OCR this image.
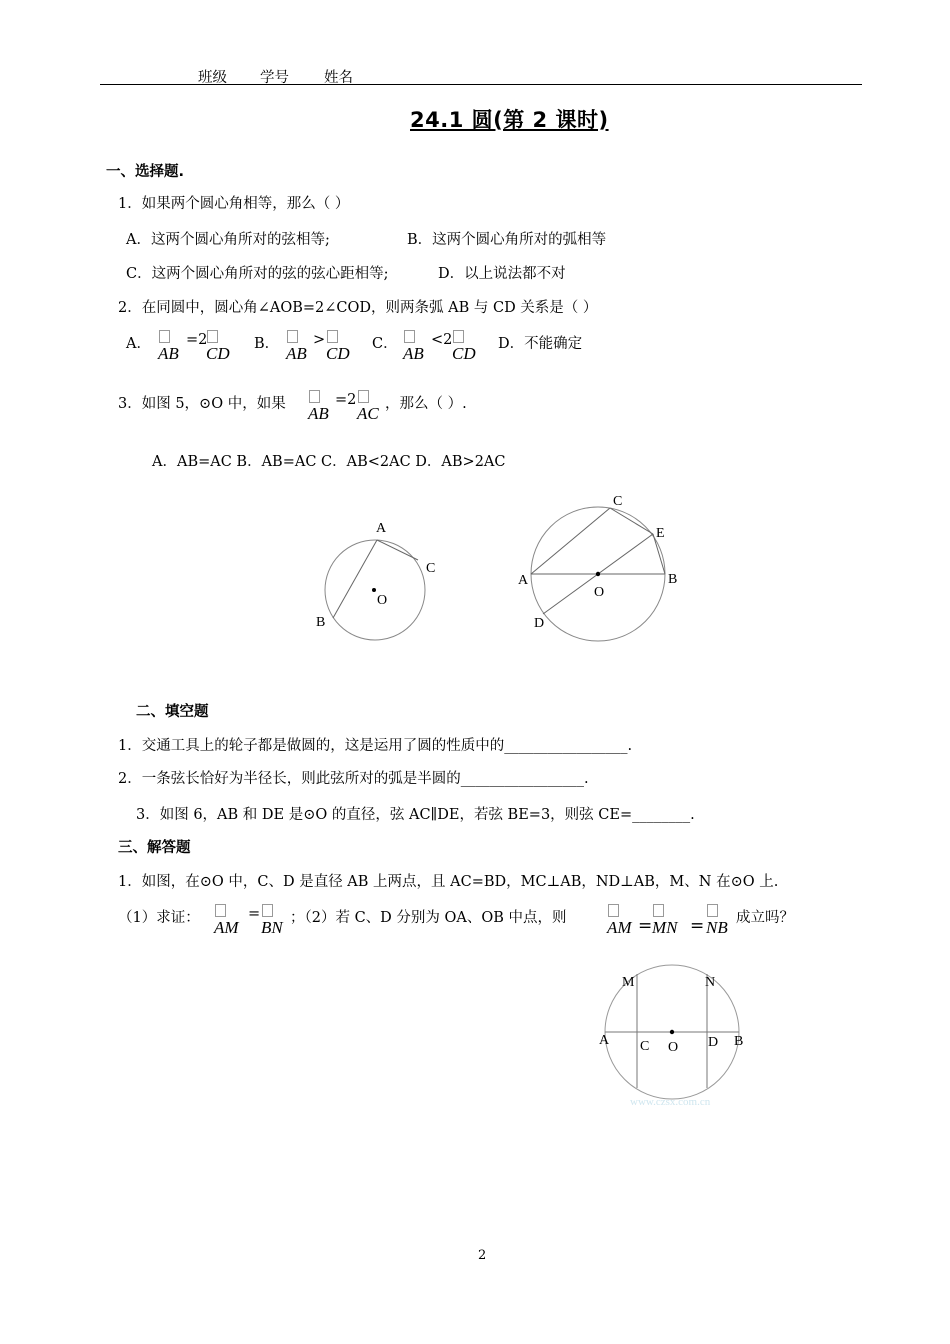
班级 学号 姓名
24.1 圆(第 2 课时)
一、选择题.
1．如果两个圆心角相等，那么（ ）
A．这两个圆心角所对的弦相等;	B．这两个圆心角所对的弧相等
C．这两个圆心角所对的弦的弦心距相等;	D．以上说法都不对
2．在同圆中，圆心角∠AOB=2∠COD，则两条弧 AB 与 CD 关系是（ ）
A． AB
=2
CD B． AB
>
CD C． AB
<2
CD D．不能确定
3．如图 5，⊙O 中，如果 AB
=2
AC ，那么（ ）.
A．AB=AC B．AB=AC C．AB<2AC D．AB>2AC
A
C
B
O
C
E
A	B
O
D
二、填空题
1．交通工具上的轮子都是做圆的，这是运用了圆的性质中的_________________.
2．一条弦长恰好为半径长，则此弦所对的弧是半圆的_________________.
3．如图 6，AB 和 DE 是⊙O 的直径，弦 AC∥DE，若弦 BE=3，则弦 CE=________.
三、解答题
1．如图，在⊙O 中，C、D 是直径 AB 上两点，且 AC=BD，MC⊥AB，ND⊥AB，M、N 在⊙O 上.
（1）求证： AM
=
BN ；（2）若 C、D 分别为 OA、OB 中点，则 AM = MN = NB 成立吗？
M	N
A C O D B
www.czsx.com.cn
2
